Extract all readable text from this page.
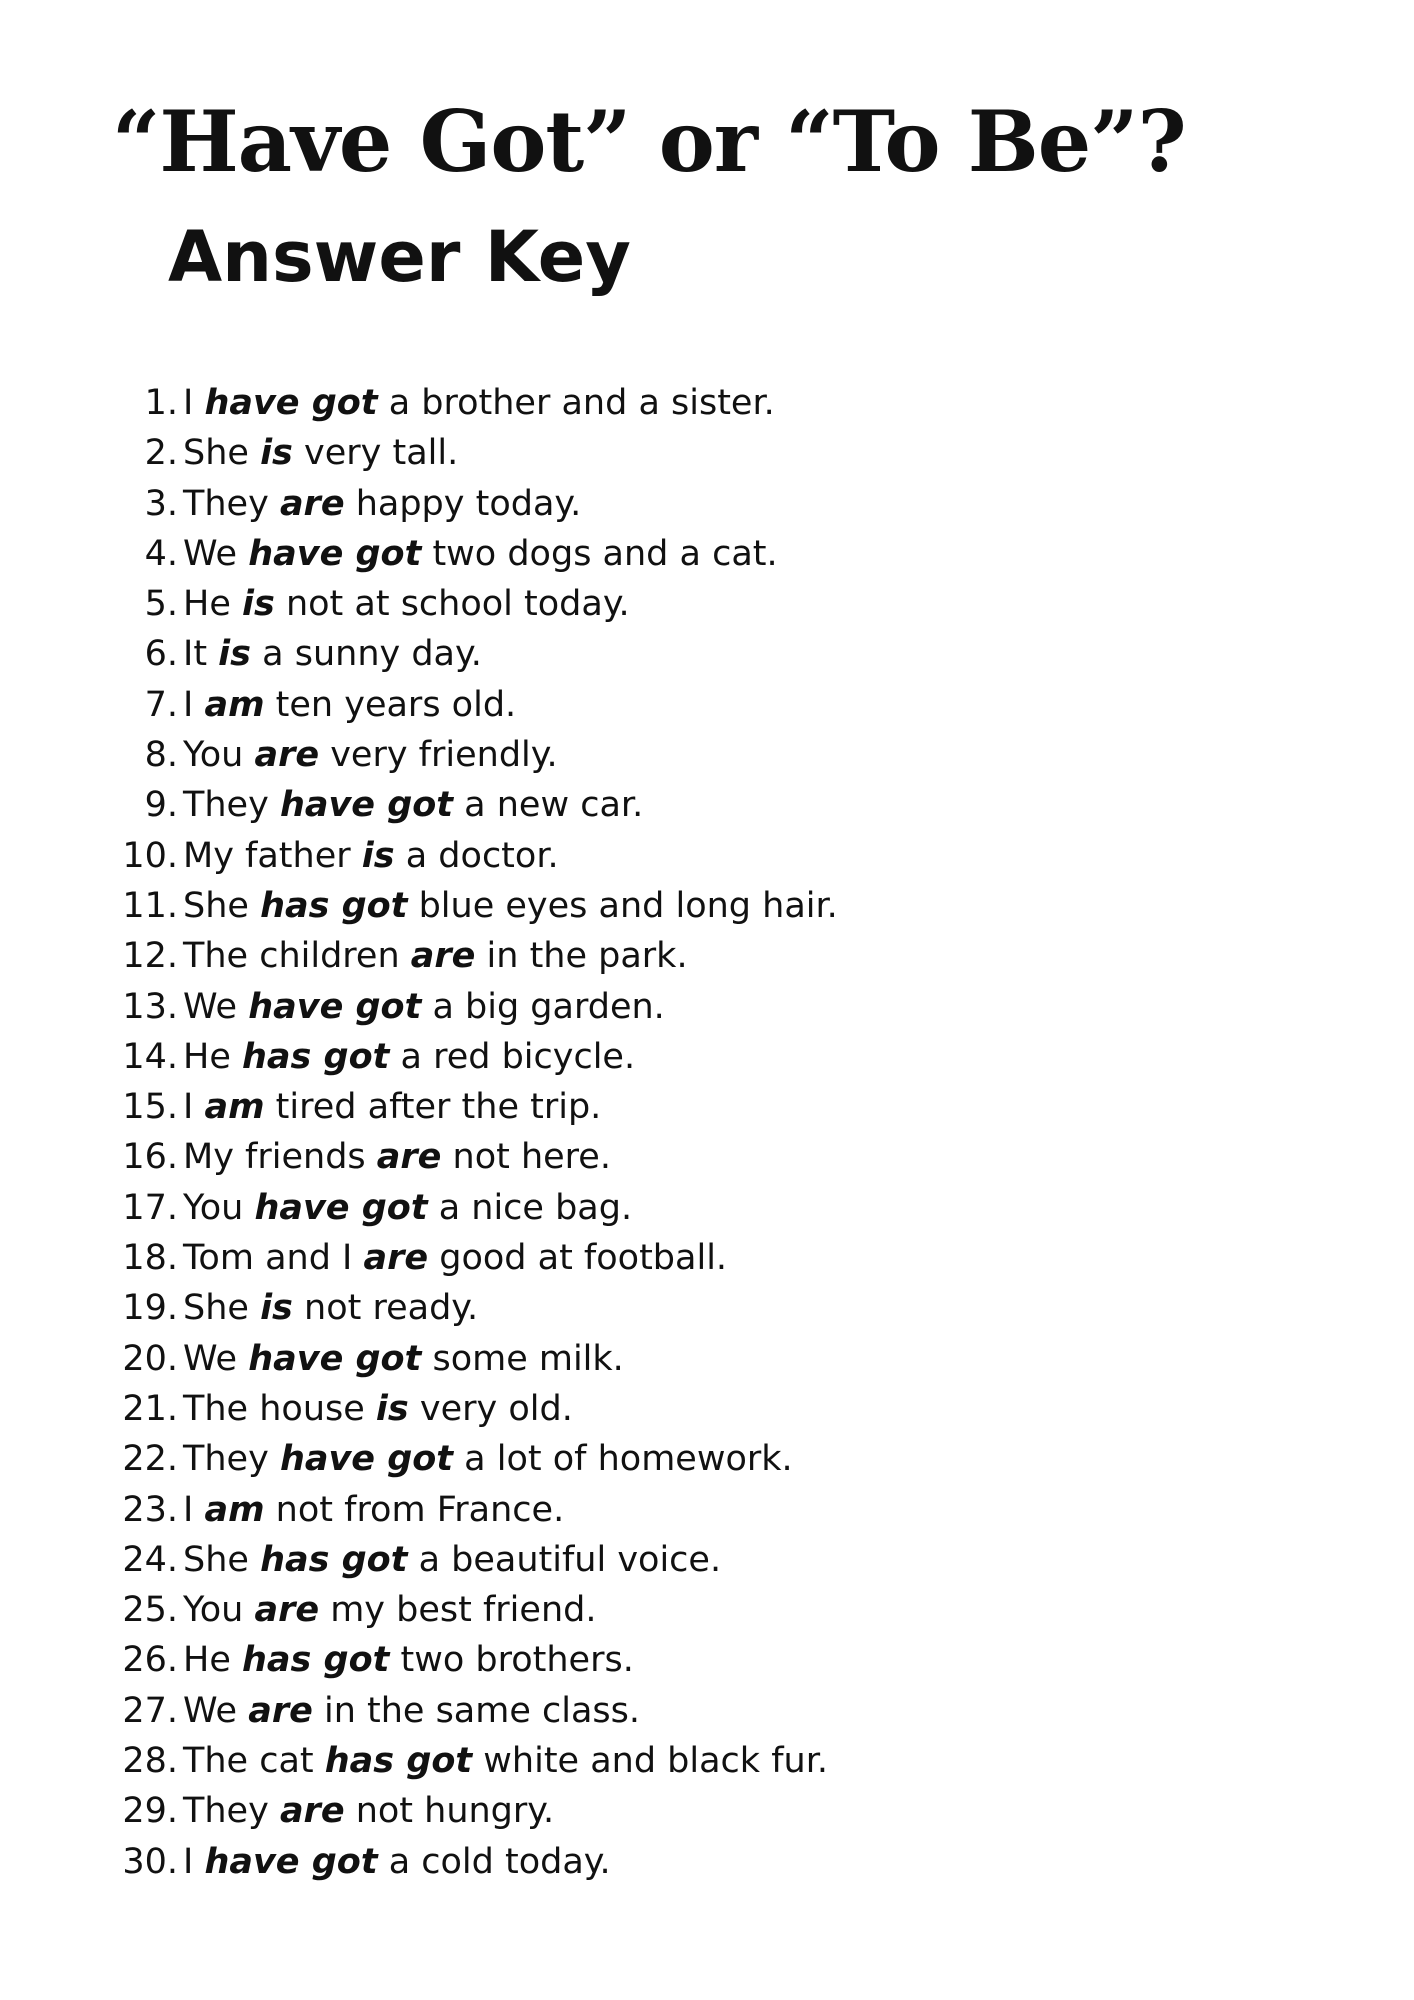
“Have Got” or “To Be”?
Answer Key
1. I have got a brother and a sister.
2. She is very tall.
3. They are happy today.
4. We have got two dogs and a cat.
5. He is not at school today.
6. It is a sunny day.
7. I am ten years old.
8. You are very friendly.
9. They have got a new car.
10. My father is a doctor.
11. She has got blue eyes and long hair.
12. The children are in the park.
13. We have got a big garden.
14. He has got a red bicycle.
15. I am tired after the trip.
16. My friends are not here.
17. You have got a nice bag.
18. Tom and I are good at football.
19. She is not ready.
20. We have got some milk.
21. The house is very old.
22. They have got a lot of homework.
23. I am not from France.
24. She has got a beautiful voice.
25. You are my best friend.
26. He has got two brothers.
27. We are in the same class.
28. The cat has got white and black fur.
29. They are not hungry.
30. I have got a cold today.
